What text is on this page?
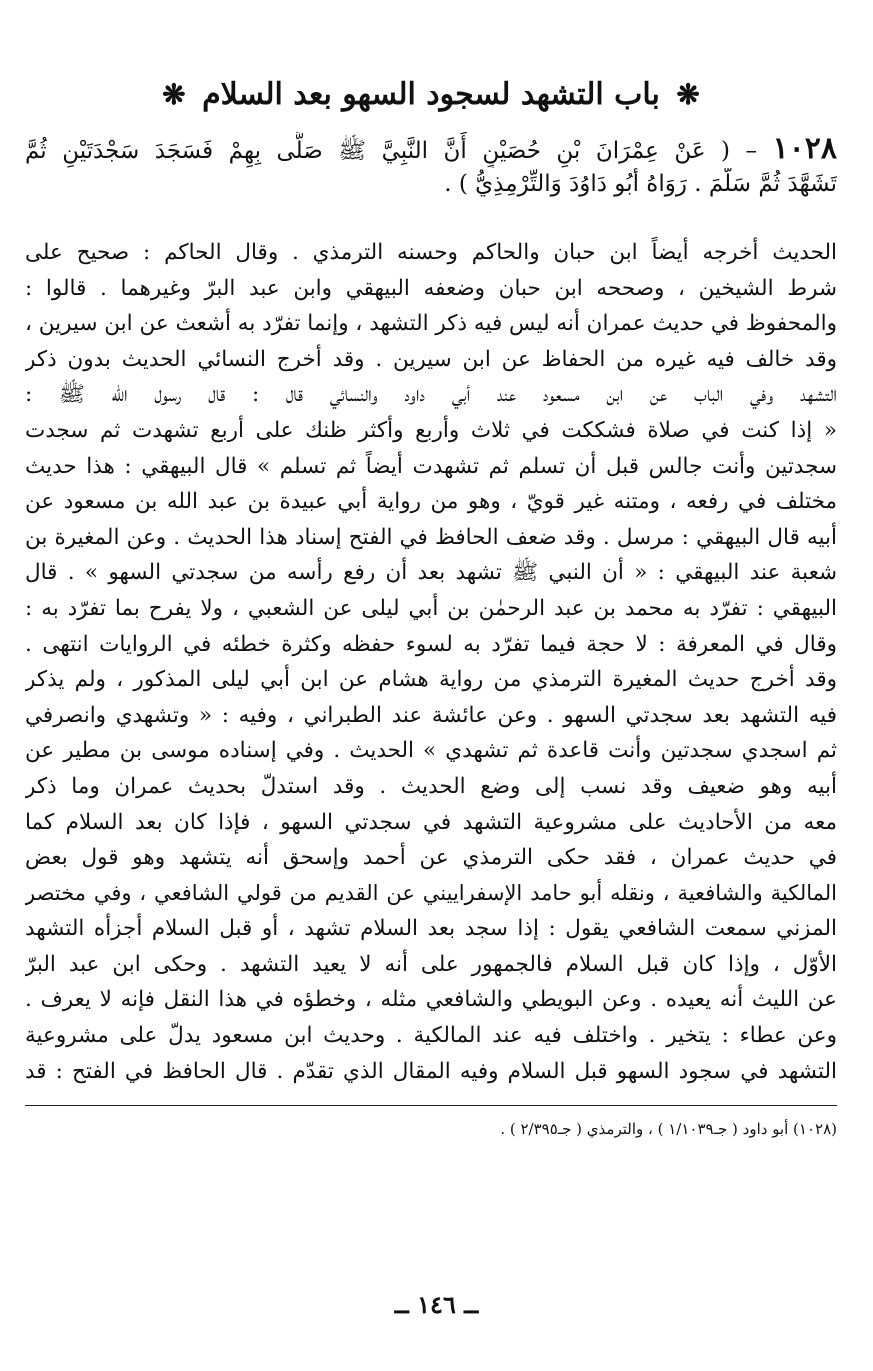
❋ باب التشهد لسجود السهو بعد السلام ❋
١٠٢٨ – ( عَنْ عِمْرَانَ بْنِ حُصَيْنٍ أَنَّ النَّبِيَّ ﷺ صَلَّى بِهِمْ فَسَجَدَ سَجْدَتَيْنِ ثُمَّ
تَشَهَّدَ ثُمَّ سَلَّمَ . رَوَاهُ أَبُو دَاوُدَ وَالتِّرْمِذِيُّ ) .
الحديث أخرجه أيضاً ابن حبان والحاكم وحسنه الترمذي . وقال الحاكم : صحيح على
شرط الشيخين ، وصححه ابن حبان وضعفه البيهقي وابن عبد البرّ وغيرهما . قالوا :
والمحفوظ في حديث عمران أنه ليس فيه ذكر التشهد ، وإنما تفرّد به أشعث عن ابن سيرين ،
وقد خالف فيه غيره من الحفاظ عن ابن سيرين . وقد أخرج النسائي الحديث بدون ذكر
التشهد وفي الباب عن ابن مسعود عند أبي داود والنسائي قال : قال رسول الله ﷺ :
« إذا كنت في صلاة فشككت في ثلاث وأربع وأكثر ظنك على أربع تشهدت ثم سجدت
سجدتين وأنت جالس قبل أن تسلم ثم تشهدت أيضاً ثم تسلم » قال البيهقي : هذا حديث
مختلف في رفعه ، ومتنه غير قويّ ، وهو من رواية أبي عبيدة بن عبد الله بن مسعود عن
أبيه قال البيهقي : مرسل . وقد ضعف الحافظ في الفتح إسناد هذا الحديث . وعن المغيرة بن
شعبة عند البيهقي : « أن النبي ﷺ تشهد بعد أن رفع رأسه من سجدتي السهو » . قال
البيهقي : تفرّد به محمد بن عبد الرحمٰن بن أبي ليلى عن الشعبي ، ولا يفرح بما تفرّد به :
وقال في المعرفة : لا حجة فيما تفرّد به لسوء حفظه وكثرة خطئه في الروايات انتهى .
وقد أخرج حديث المغيرة الترمذي من رواية هشام عن ابن أبي ليلى المذكور ، ولم يذكر
فيه التشهد بعد سجدتي السهو . وعن عائشة عند الطبراني ، وفيه : « وتشهدي وانصرفي
ثم اسجدي سجدتين وأنت قاعدة ثم تشهدي » الحديث . وفي إسناده موسى بن مطير عن
أبيه وهو ضعيف وقد نسب إلى وضع الحديث . وقد استدلّ بحديث عمران وما ذكر
معه من الأحاديث على مشروعية التشهد في سجدتي السهو ، فإذا كان بعد السلام كما
في حديث عمران ، فقد حكى الترمذي عن أحمد وإسحق أنه يتشهد وهو قول بعض
المالكية والشافعية ، ونقله أبو حامد الإسفراييني عن القديم من قولي الشافعي ، وفي مختصر
المزني سمعت الشافعي يقول : إذا سجد بعد السلام تشهد ، أو قبل السلام أجزأه التشهد
الأوّل ، وإذا كان قبل السلام فالجمهور على أنه لا يعيد التشهد . وحكى ابن عبد البرّ
عن الليث أنه يعيده . وعن البويطي والشافعي مثله ، وخطؤه في هذا النقل فإنه لا يعرف .
وعن عطاء : يتخير . واختلف فيه عند المالكية . وحديث ابن مسعود يدلّ على مشروعية
التشهد في سجود السهو قبل السلام وفيه المقال الذي تقدّم . قال الحافظ في الفتح : قد
(١٠٢٨) أبو داود ( جـ١/١٠٣٩ ) ، والترمذي ( جـ٢/٣٩٥ ) .
ــ ١٤٦ ــ
